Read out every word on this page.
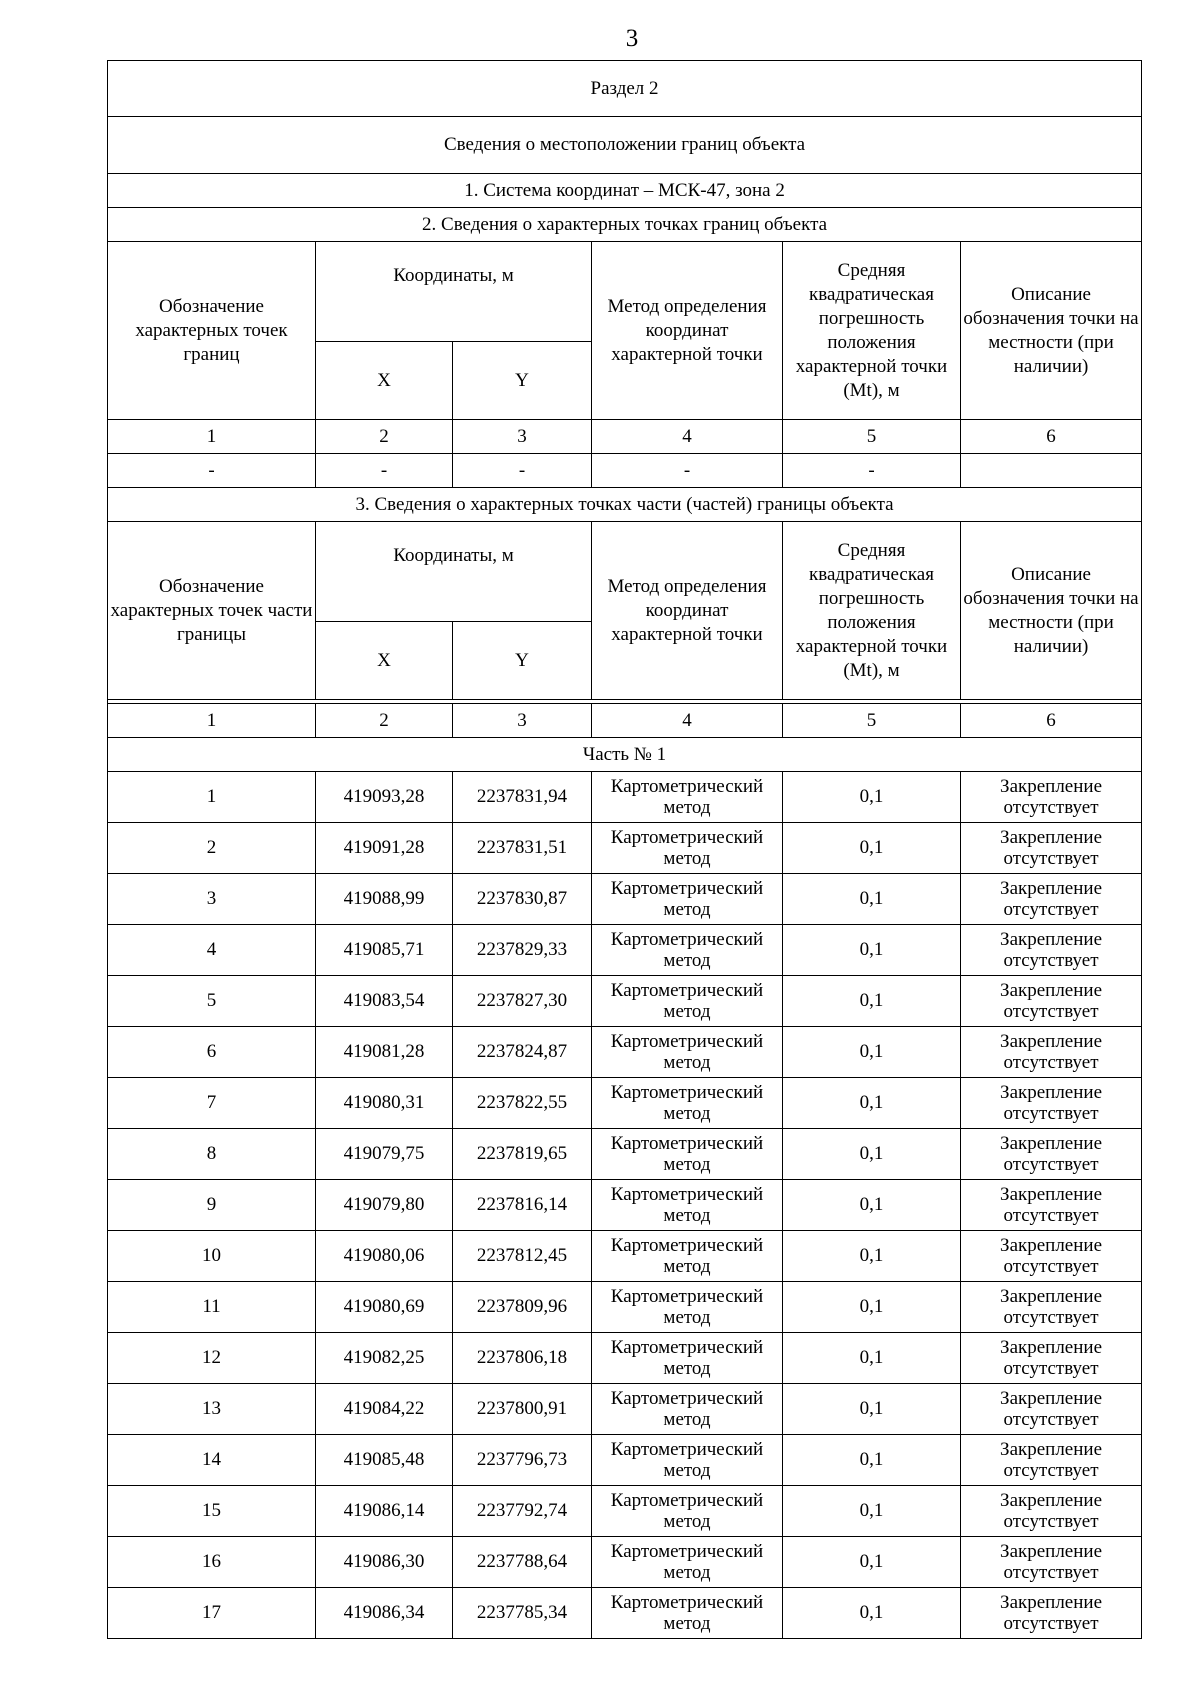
3
Раздел 2					
Сведения о местоположении границ объекта					
1. Система координат – МСК-47, зона 2					
2. Сведения о характерных точках границ объекта					
Обозначение характерных точек границ	Координаты, м		Метод определения координат характерной точки	Средняя квадратическая погрешность положения характерной точки (Mt), м	Описание обозначения точки на местности (при наличии)
	X	Y			
1	2	3	4	5	6
-	-	-	-	-	
3. Сведения о характерных точках части (частей) границы объекта					
Обозначение характерных точек части границы	Координаты, м		Метод определения координат характерной точки	Средняя квадратическая погрешность положения характерной точки (Mt), м	Описание обозначения точки на местности (при наличии)
	X	Y			

1	2	3	4	5	6
Часть № 1					
1	419093,28	2237831,94	Картометрический метод	0,1	Закрепление отсутствует
2	419091,28	2237831,51	Картометрический метод	0,1	Закрепление отсутствует
3	419088,99	2237830,87	Картометрический метод	0,1	Закрепление отсутствует
4	419085,71	2237829,33	Картометрический метод	0,1	Закрепление отсутствует
5	419083,54	2237827,30	Картометрический метод	0,1	Закрепление отсутствует
6	419081,28	2237824,87	Картометрический метод	0,1	Закрепление отсутствует
7	419080,31	2237822,55	Картометрический метод	0,1	Закрепление отсутствует
8	419079,75	2237819,65	Картометрический метод	0,1	Закрепление отсутствует
9	419079,80	2237816,14	Картометрический метод	0,1	Закрепление отсутствует
10	419080,06	2237812,45	Картометрический метод	0,1	Закрепление отсутствует
11	419080,69	2237809,96	Картометрический метод	0,1	Закрепление отсутствует
12	419082,25	2237806,18	Картометрический метод	0,1	Закрепление отсутствует
13	419084,22	2237800,91	Картометрический метод	0,1	Закрепление отсутствует
14	419085,48	2237796,73	Картометрический метод	0,1	Закрепление отсутствует
15	419086,14	2237792,74	Картометрический метод	0,1	Закрепление отсутствует
16	419086,30	2237788,64	Картометрический метод	0,1	Закрепление отсутствует
17	419086,34	2237785,34	Картометрический метод	0,1	Закрепление отсутствует
